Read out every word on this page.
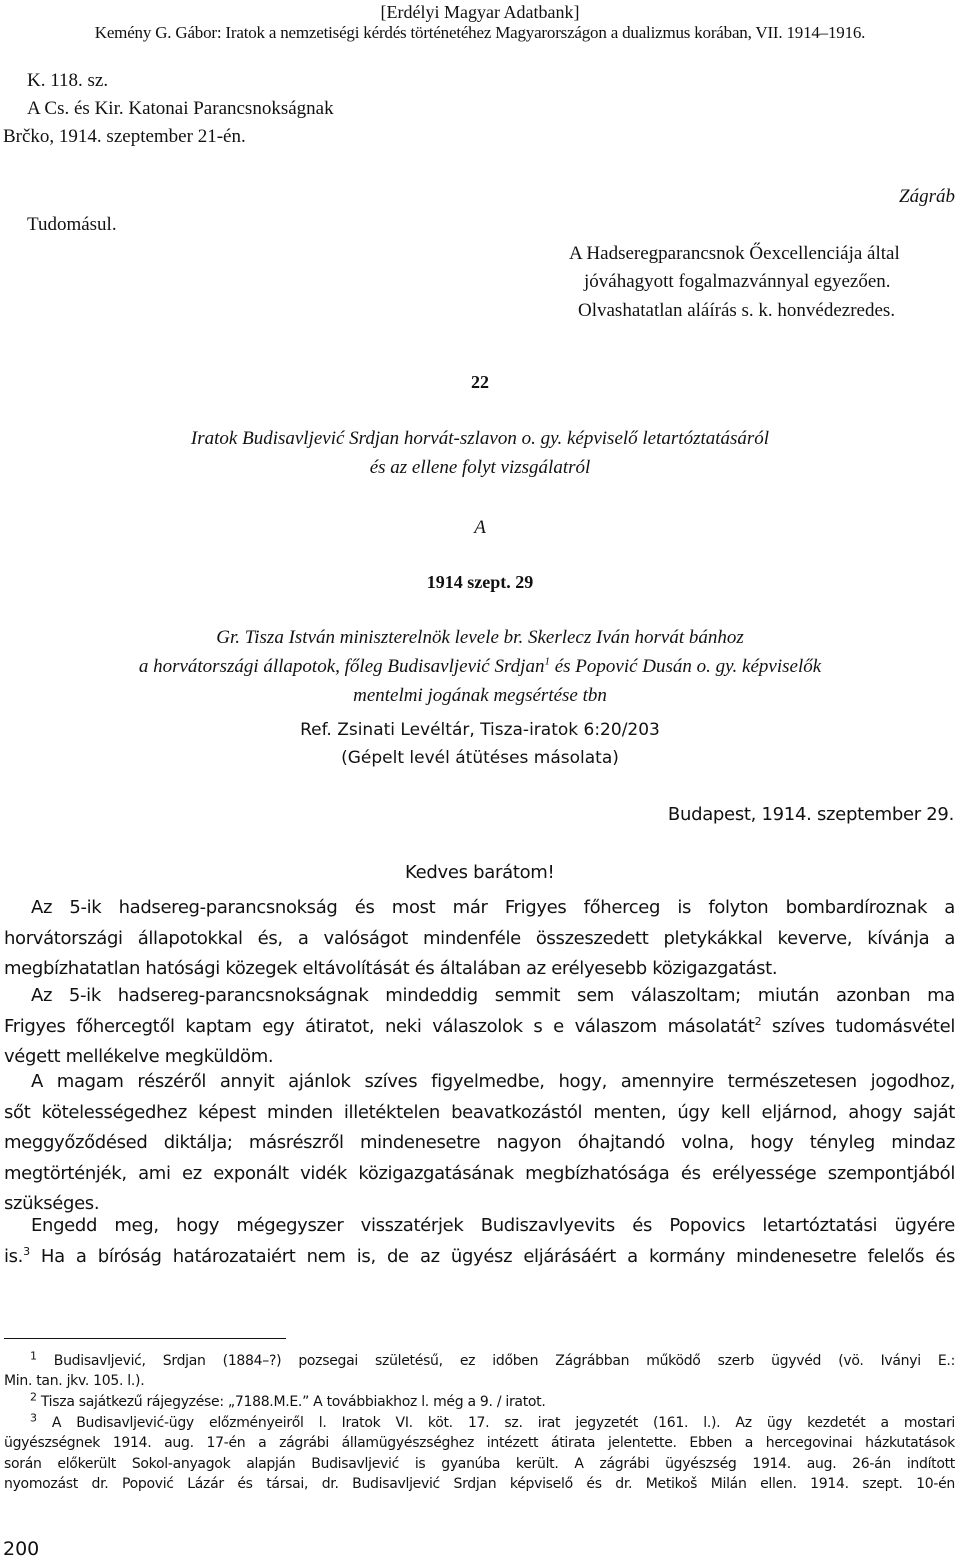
[Erdélyi Magyar Adatbank]
Kemény G. Gábor: Iratok a nemzetiségi kérdés történetéhez Magyarországon a dualizmus korában, VII. 1914–1916.
K. 118. sz.
A Cs. és Kir. Katonai Parancsnokságnak
Brčko, 1914. szeptember 21-én.
Zágráb
Tudomásul.
A Hadseregparancsnok Őexcellenciája által
jóváhagyott fogalmazvánnyal egyezően.
Olvashatatlan aláírás s. k. honvédezredes.
22
Iratok Budisavljević Srdjan horvát-szlavon o. gy. képviselő letartóztatásáról
és az ellene folyt vizsgálatról
A
1914 szept. 29
Gr. Tisza István miniszterelnök levele br. Skerlecz Iván horvát bánhoz
a horvátországi állapotok, főleg Budisavljević Srdjan$^1$ és Popović Dusán o. gy. képviselők
mentelmi jogának megsértése tbn
Ref. Zsinati Levéltár, Tisza-iratok 6:20/203
(Gépelt levél átütéses másolata)
Budapest, 1914. szeptember 29.
Kedves barátom!
Az 5-ik hadsereg-parancsnokság és most már Frigyes főherceg is folyton bombardíroznak a
horvátországi állapotokkal és, a valóságot mindenféle összeszedett pletykákkal keverve, kívánja a
megbízhatatlan hatósági közegek eltávolítását és általában az erélyesebb közigazgatást.
Az 5-ik hadsereg-parancsnokságnak mindeddig semmit sem válaszoltam; miután azonban ma
Frigyes főhercegtől kaptam egy átiratot, neki válaszolok s e válaszom másolatát$^2$ szíves tudomásvétel
végett mellékelve megküldöm.
A magam részéről annyit ajánlok szíves figyelmedbe, hogy, amennyire természetesen jogodhoz,
sőt kötelességedhez képest minden illetéktelen beavatkozástól menten, úgy kell eljárnod, ahogy saját
meggyőződésed diktálja; másrészről mindenesetre nagyon óhajtandó volna, hogy tényleg mindaz
megtörténjék, ami ez exponált vidék közigazgatásának megbízhatósága és erélyessége szempontjából
szükséges.
Engedd meg, hogy mégegyszer visszatérjek Budiszavlyevits és Popovics letartóztatási ügyére
is.$^3$ Ha a bíróság határozataiért nem is, de az ügyész eljárásáért a kormány mindenesetre felelős és
$^1$ Budisavljević, Srdjan (1884–?) pozsegai születésű, ez időben Zágrábban működő szerb ügyvéd (vö. Iványi E.:
Min. tan. jkv. 105. l.).
$^2$ Tisza sajátkezű rájegyzése: „7188.M.E.” A továbbiakhoz l. még a 9. / iratot.
$^3$ A Budisavljević-ügy előzményeiről l. Iratok VI. köt. 17. sz. irat jegyzetét (161. l.). Az ügy kezdetét a mostari
ügyészségnek 1914. aug. 17-én a zágrábi államügyészséghez intézett átirata jelentette. Ebben a hercegovinai házkutatások
során előkerült Sokol-anyagok alapján Budisavljević is gyanúba került. A zágrábi ügyészség 1914. aug. 26-án indított
nyomozást dr. Popović Lázár és társai, dr. Budisavljević Srdjan képviselő és dr. Metikoš Milán ellen. 1914. szept. 10-én
200
